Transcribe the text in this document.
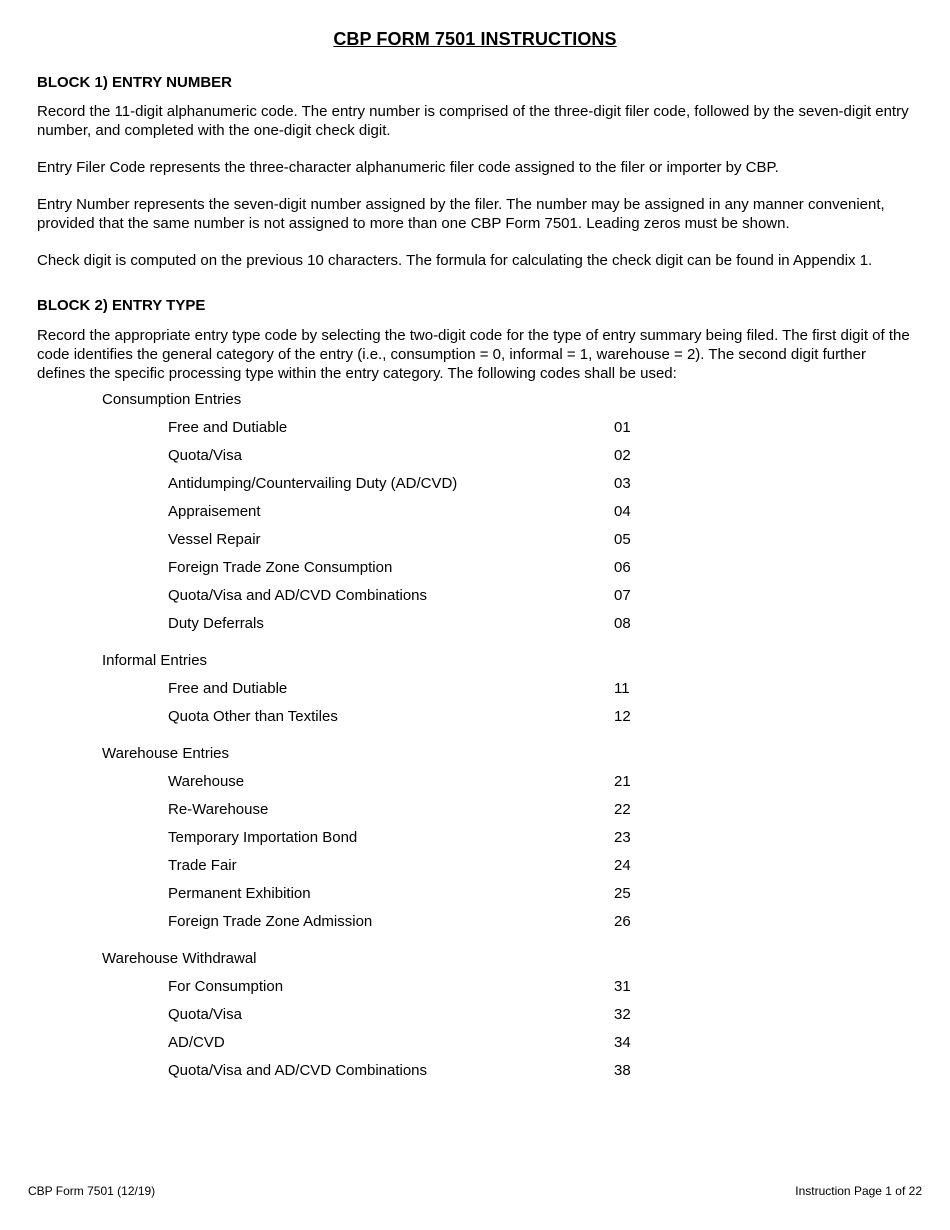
CBP FORM 7501 INSTRUCTIONS
BLOCK 1) ENTRY NUMBER

Record the 11-digit alphanumeric code. The entry number is comprised of the three-digit filer code, followed by the seven-digit entry number, and completed with the one-digit check digit.

Entry Filer Code represents the three-character alphanumeric filer code assigned to the filer or importer by CBP.

Entry Number represents the seven-digit number assigned by the filer. The number may be assigned in any manner convenient, provided that the same number is not assigned to more than one CBP Form 7501. Leading zeros must be shown.

Check digit is computed on the previous 10 characters. The formula for calculating the check digit can be found in Appendix 1.

BLOCK 2) ENTRY TYPE

Record the appropriate entry type code by selecting the two-digit code for the type of entry summary being filed. The first digit of the code identifies the general category of the entry (i.e., consumption = 0, informal = 1, warehouse = 2). The second digit further defines the specific processing type within the entry category. The following codes shall be used:

Consumption Entries
Free and Dutiable	01
Quota/Visa	02
Antidumping/Countervailing Duty (AD/CVD)	03
Appraisement	04
Vessel Repair	05
Foreign Trade Zone Consumption	06
Quota/Visa and AD/CVD Combinations	07
Duty Deferrals	08
Informal Entries
Free and Dutiable	11
Quota Other than Textiles	12
Warehouse Entries
Warehouse	21
Re-Warehouse	22
Temporary Importation Bond	23
Trade Fair	24
Permanent Exhibition	25
Foreign Trade Zone Admission	26
Warehouse Withdrawal
For Consumption	31
Quota/Visa	32
AD/CVD	34
Quota/Visa and AD/CVD Combinations	38
CBP Form 7501 (12/19)	Instruction Page 1 of 22
